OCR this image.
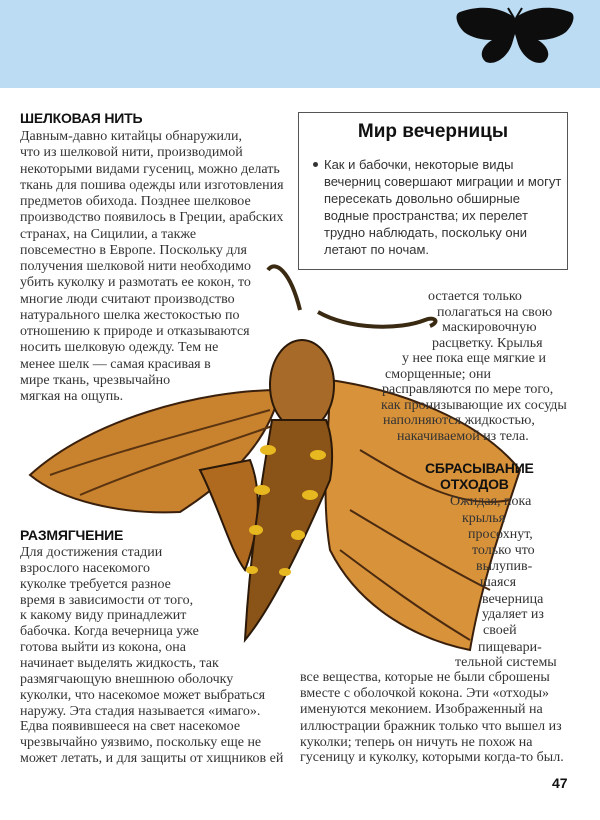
ШЕЛКОВАЯ НИТЬ
Давным-давно китайцы обнаружили,
что из шелковой нити, производимой
некоторыми видами гусениц, можно делать
ткань для пошива одежды или изготовления
предметов обихода. Позднее шелковое
производство появилось в Греции, арабских
странах, на Сицилии, а также
повсеместно в Европе. Поскольку для
получения шелковой нити необходимо
убить куколку и размотать ее кокон, то
многие люди считают производство
натурального шелка жестокостью по
отношению к природе и отказываются
носить шелковую одежду. Тем не
менее шелк — самая красивая в
мире ткань, чрезвычайно
мягкая на ощупь.
Мир вечерницы
Как и бабочки, некоторые виды
вечерниц совершают миграции и могут
пересекать довольно обширные
водные пространства; их перелет
трудно наблюдать, поскольку они
летают по ночам.
остается только
полагаться на свою
маскировочную
расцветку. Крылья
у нее пока еще мягкие и
сморщенные; они
расправляются по мере того,
как пронизывающие их сосуды
наполняются жидкостью,
накачиваемой из тела.
РАЗМЯГЧЕНИЕ
Для достижения стадии
взрослого насекомого
куколке требуется разное
время в зависимости от того,
к какому виду принадлежит
бабочка. Когда вечерница уже
готова выйти из кокона, она
начинает выделять жидкость, так
размягчающую внешнюю оболочку
куколки, что насекомое может выбраться
наружу. Эта стадия называется «имаго».
Едва появившееся на свет насекомое
чрезвычайно уязвимо, поскольку еще не
может летать, и для защиты от хищников ей
СБРАСЫВАНИЕ
ОТХОДОВ
Ожидая, пока
крылья
просохнут,
только что
вылупив-
шаяся
вечерница
удаляет из
своей
пищевари-
тельной системы
все вещества, которые не были сброшены
вместе с оболочкой кокона. Эти «отходы»
именуются меконием. Изображенный на
иллюстрации бражник только что вышел из
куколки; теперь он ничуть не похож на
гусеницу и куколку, которыми когда-то был.
47
